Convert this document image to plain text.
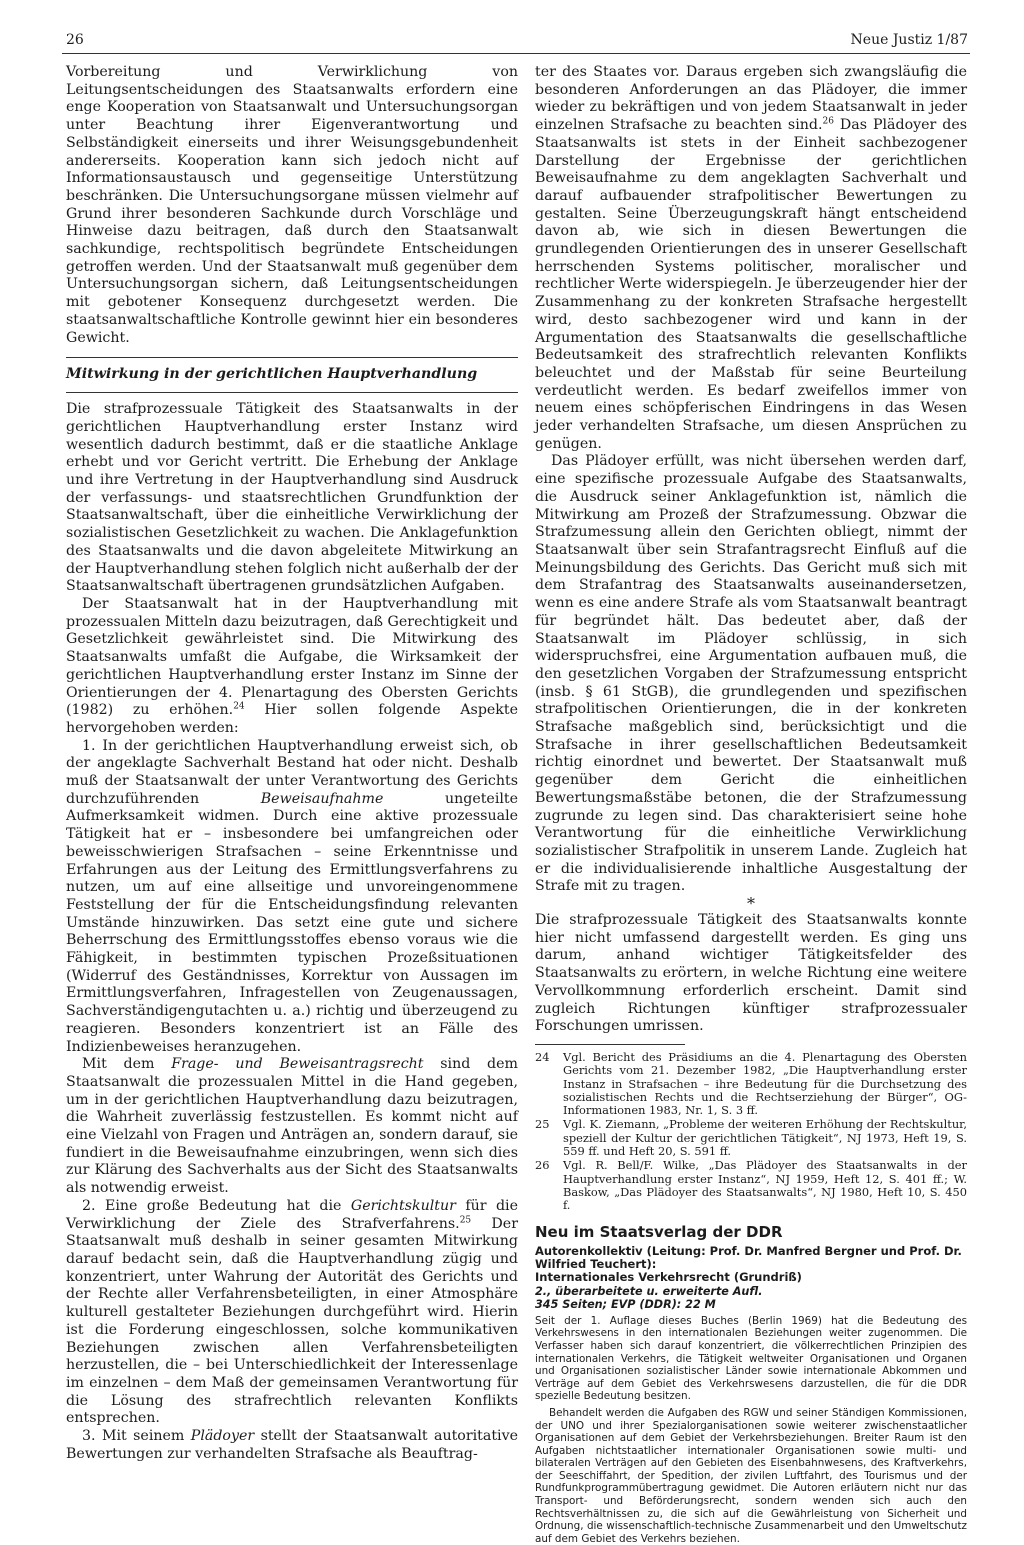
26	Neue Justiz 1/87

Vorbereitung und Verwirklichung von Leitungsentscheidungen des Staatsanwalts erfordern eine enge Kooperation von Staatsanwalt und Untersuchungsorgan unter Beachtung ihrer Eigenverantwortung und Selbständigkeit einerseits und ihrer Weisungsgebundenheit andererseits. Kooperation kann sich jedoch nicht auf Informationsaustausch und gegenseitige Unterstützung beschränken. Die Untersuchungsorgane müssen vielmehr auf Grund ihrer besonderen Sachkunde durch Vorschläge und Hinweise dazu beitragen, daß durch den Staatsanwalt sachkundige, rechtspolitisch begründete Entscheidungen getroffen werden. Und der Staatsanwalt muß gegenüber dem Untersuchungsorgan sichern, daß Leitungsentscheidungen mit gebotener Konsequenz durchgesetzt werden. Die staatsanwaltschaftliche Kontrolle gewinnt hier ein besonderes Gewicht.

Mitwirkung in der gerichtlichen Hauptverhandlung

Die strafprozessuale Tätigkeit des Staatsanwalts in der gerichtlichen Hauptverhandlung erster Instanz wird wesentlich dadurch bestimmt, daß er die staatliche Anklage erhebt und vor Gericht vertritt. Die Erhebung der Anklage und ihre Vertretung in der Hauptverhandlung sind Ausdruck der verfassungs- und staatsrechtlichen Grundfunktion der Staatsanwaltschaft, über die einheitliche Verwirklichung der sozialistischen Gesetzlichkeit zu wachen. Die Anklagefunktion des Staatsanwalts und die davon abgeleitete Mitwirkung an der Hauptverhandlung stehen folglich nicht außerhalb der der Staatsanwaltschaft übertragenen grundsätzlichen Aufgaben.

Der Staatsanwalt hat in der Hauptverhandlung mit prozessualen Mitteln dazu beizutragen, daß Gerechtigkeit und Gesetzlichkeit gewährleistet sind. Die Mitwirkung des Staatsanwalts umfaßt die Aufgabe, die Wirksamkeit der gerichtlichen Hauptverhandlung erster Instanz im Sinne der Orientierungen der 4. Plenartagung des Obersten Gerichts (1982) zu erhöhen.$^{24}$ Hier sollen folgende Aspekte hervorgehoben werden:

1. In der gerichtlichen Hauptverhandlung erweist sich, ob der angeklagte Sachverhalt Bestand hat oder nicht. Deshalb muß der Staatsanwalt der unter Verantwortung des Gerichts durchzuführenden Beweisaufnahme ungeteilte Aufmerksamkeit widmen. Durch eine aktive prozessuale Tätigkeit hat er – insbesondere bei umfangreichen oder beweisschwierigen Strafsachen – seine Erkenntnisse und Erfahrungen aus der Leitung des Ermittlungsverfahrens zu nutzen, um auf eine allseitige und unvoreingenommene Feststellung der für die Entscheidungsfindung relevanten Umstände hinzuwirken. Das setzt eine gute und sichere Beherrschung des Ermittlungsstoffes ebenso voraus wie die Fähigkeit, in bestimmten typischen Prozeßsituationen (Widerruf des Geständnisses, Korrektur von Aussagen im Ermittlungsverfahren, Infragestellen von Zeugenaussagen, Sachverständigengutachten u. a.) richtig und überzeugend zu reagieren. Besonders konzentriert ist an Fälle des Indizienbeweises heranzugehen.

Mit dem Frage- und Beweisantragsrecht sind dem Staatsanwalt die prozessualen Mittel in die Hand gegeben, um in der gerichtlichen Hauptverhandlung dazu beizutragen, die Wahrheit zuverlässig festzustellen. Es kommt nicht auf eine Vielzahl von Fragen und Anträgen an, sondern darauf, sie fundiert in die Beweisaufnahme einzubringen, wenn sich dies zur Klärung des Sachverhalts aus der Sicht des Staatsanwalts als notwendig erweist.

2. Eine große Bedeutung hat die Gerichtskultur für die Verwirklichung der Ziele des Strafverfahrens.$^{25}$ Der Staatsanwalt muß deshalb in seiner gesamten Mitwirkung darauf bedacht sein, daß die Hauptverhandlung zügig und konzentriert, unter Wahrung der Autorität des Gerichts und der Rechte aller Verfahrensbeteiligten, in einer Atmosphäre kulturell gestalteter Beziehungen durchgeführt wird. Hierin ist die Forderung eingeschlossen, solche kommunikativen Beziehungen zwischen allen Verfahrensbeteiligten herzustellen, die – bei Unterschiedlichkeit der Interessenlage im einzelnen – dem Maß der gemeinsamen Verantwortung für die Lösung des strafrechtlich relevanten Konflikts entsprechen.

3. Mit seinem Plädoyer stellt der Staatsanwalt autoritative Bewertungen zur verhandelten Strafsache als Beauftrag-

ter des Staates vor. Daraus ergeben sich zwangsläufig die besonderen Anforderungen an das Plädoyer, die immer wieder zu bekräftigen und von jedem Staatsanwalt in jeder einzelnen Strafsache zu beachten sind.$^{26}$ Das Plädoyer des Staatsanwalts ist stets in der Einheit sachbezogener Darstellung der Ergebnisse der gerichtlichen Beweisaufnahme zu dem angeklagten Sachverhalt und darauf aufbauender strafpolitischer Bewertungen zu gestalten. Seine Überzeugungskraft hängt entscheidend davon ab, wie sich in diesen Bewertungen die grundlegenden Orientierungen des in unserer Gesellschaft herrschenden Systems politischer, moralischer und rechtlicher Werte widerspiegeln. Je überzeugender hier der Zusammenhang zu der konkreten Strafsache hergestellt wird, desto sachbezogener wird und kann in der Argumentation des Staatsanwalts die gesellschaftliche Bedeutsamkeit des strafrechtlich relevanten Konflikts beleuchtet und der Maßstab für seine Beurteilung verdeutlicht werden. Es bedarf zweifellos immer von neuem eines schöpferischen Eindringens in das Wesen jeder verhandelten Strafsache, um diesen Ansprüchen zu genügen.

Das Plädoyer erfüllt, was nicht übersehen werden darf, eine spezifische prozessuale Aufgabe des Staatsanwalts, die Ausdruck seiner Anklagefunktion ist, nämlich die Mitwirkung am Prozeß der Strafzumessung. Obzwar die Strafzumessung allein den Gerichten obliegt, nimmt der Staatsanwalt über sein Strafantragsrecht Einfluß auf die Meinungsbildung des Gerichts. Das Gericht muß sich mit dem Strafantrag des Staatsanwalts auseinandersetzen, wenn es eine andere Strafe als vom Staatsanwalt beantragt für begründet hält. Das bedeutet aber, daß der Staatsanwalt im Plädoyer schlüssig, in sich widerspruchsfrei, eine Argumentation aufbauen muß, die den gesetzlichen Vorgaben der Strafzumessung entspricht (insb. § 61 StGB), die grundlegenden und spezifischen strafpolitischen Orientierungen, die in der konkreten Strafsache maßgeblich sind, berücksichtigt und die Strafsache in ihrer gesellschaftlichen Bedeutsamkeit richtig einordnet und bewertet. Der Staatsanwalt muß gegenüber dem Gericht die einheitlichen Bewertungsmaßstäbe betonen, die der Strafzumessung zugrunde zu legen sind. Das charakterisiert seine hohe Verantwortung für die einheitliche Verwirklichung sozialistischer Strafpolitik in unserem Lande. Zugleich hat er die individualisierende inhaltliche Ausgestaltung der Strafe mit zu tragen.

*

Die strafprozessuale Tätigkeit des Staatsanwalts konnte hier nicht umfassend dargestellt werden. Es ging uns darum, anhand wichtiger Tätigkeitsfelder des Staatsanwalts zu erörtern, in welche Richtung eine weitere Vervollkommnung erforderlich erscheint. Damit sind zugleich Richtungen künftiger strafprozessualer Forschungen umrissen.

24	Vgl. Bericht des Präsidiums an die 4. Plenartagung des Obersten Gerichts vom 21. Dezember 1982, „Die Hauptverhandlung erster Instanz in Strafsachen – ihre Bedeutung für die Durchsetzung des sozialistischen Rechts und die Rechtserziehung der Bürger“, OG-Informationen 1983, Nr. 1, S. 3 ff.
25	Vgl. K. Ziemann, „Probleme der weiteren Erhöhung der Rechtskultur, speziell der Kultur der gerichtlichen Tätigkeit“, NJ 1973, Heft 19, S. 559 ff. und Heft 20, S. 591 ff.
26	Vgl. R. Bell/F. Wilke, „Das Plädoyer des Staatsanwalts in der Hauptverhandlung erster Instanz“, NJ 1959, Heft 12, S. 401 ff.; W. Baskow, „Das Plädoyer des Staatsanwalts“, NJ 1980, Heft 10, S. 450 f.
Neu im Staatsverlag der DDR

Autorenkollektiv (Leitung: Prof. Dr. Manfred Bergner und Prof. Dr. Wilfried Teuchert):

Internationales Verkehrsrecht (Grundriß)

2., überarbeitete u. erweiterte Aufl.

345 Seiten; EVP (DDR): 22 M

Seit der 1. Auflage dieses Buches (Berlin 1969) hat die Bedeutung des Verkehrswesens in den internationalen Beziehungen weiter zugenommen. Die Verfasser haben sich darauf konzentriert, die völkerrechtlichen Prinzipien des internationalen Verkehrs, die Tätigkeit weltweiter Organisationen und Organen und Organisationen sozialistischer Länder sowie internationale Abkommen und Verträge auf dem Gebiet des Verkehrswesens darzustellen, die für die DDR spezielle Bedeutung besitzen.

Behandelt werden die Aufgaben des RGW und seiner Ständigen Kommissionen, der UNO und ihrer Spezialorganisationen sowie weiterer zwischenstaatlicher Organisationen auf dem Gebiet der Verkehrsbeziehungen. Breiter Raum ist den Aufgaben nichtstaatlicher internationaler Organisationen sowie multi- und bilateralen Verträgen auf den Gebieten des Eisenbahnwesens, des Kraftverkehrs, der Seeschiffahrt, der Spedition, der zivilen Luftfahrt, des Tourismus und der Rundfunkprogrammübertragung gewidmet. Die Autoren erläutern nicht nur das Transport- und Beförderungsrecht, sondern wenden sich auch den Rechtsverhältnissen zu, die sich auf die Gewährleistung von Sicherheit und Ordnung, die wissenschaftlich-technische Zusammenarbeit und den Umweltschutz auf dem Gebiet des Verkehrs beziehen.
